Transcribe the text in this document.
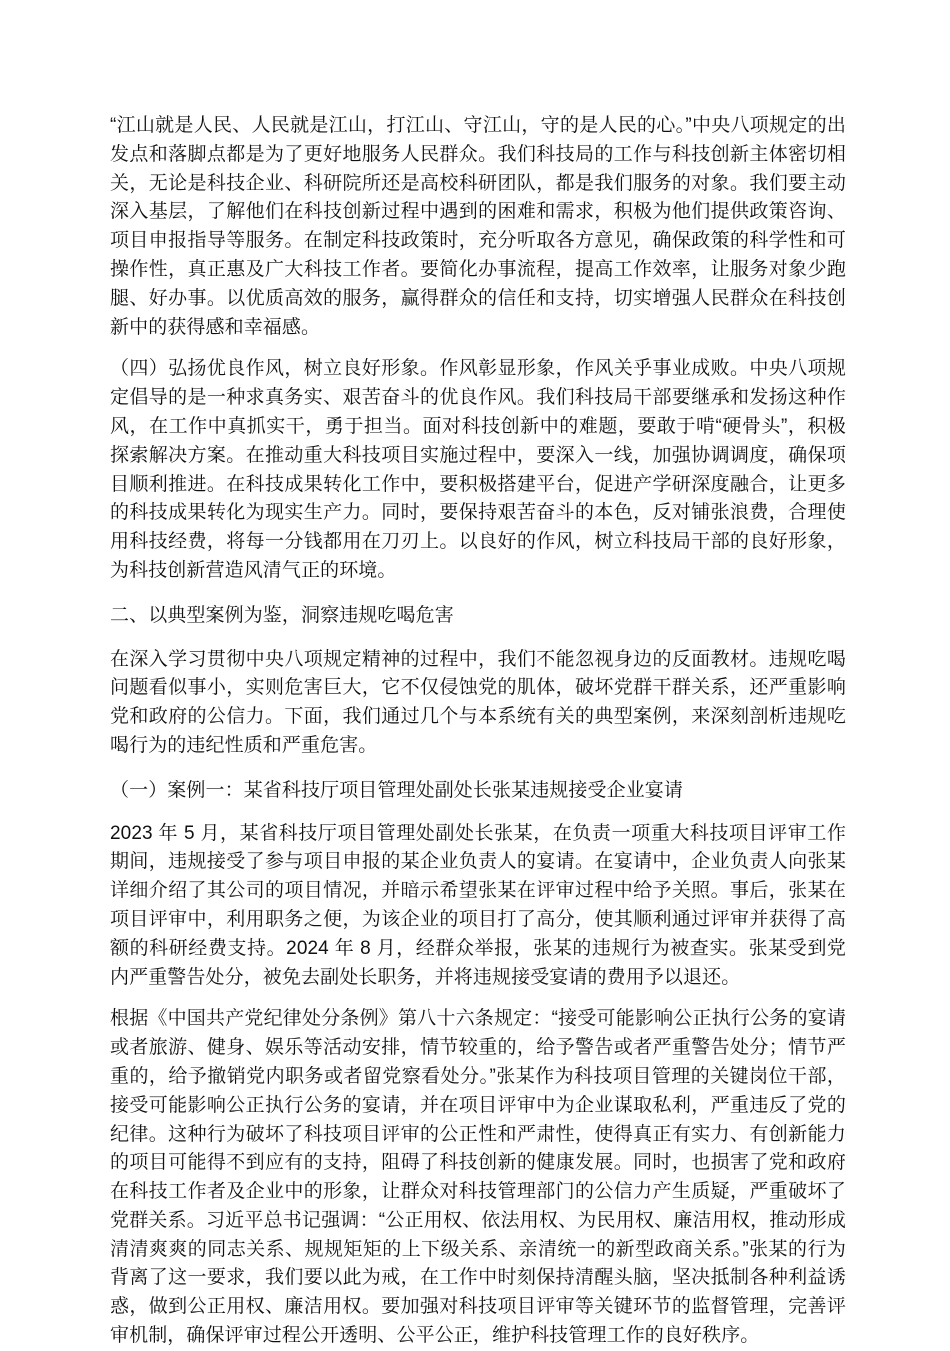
“江山就是人民、人民就是江山，打江山、守江山，守的是人民的心。”中央八项规定的出发点和落脚点都是为了更好地服务人民群众。我们科技局的工作与科技创新主体密切相关，无论是科技企业、科研院所还是高校科研团队，都是我们服务的对象。我们要主动深入基层，了解他们在科技创新过程中遇到的困难和需求，积极为他们提供政策咨询、项目申报指导等服务。在制定科技政策时，充分听取各方意见，确保政策的科学性和可操作性，真正惠及广大科技工作者。要简化办事流程，提高工作效率，让服务对象少跑腿、好办事。以优质高效的服务，赢得群众的信任和支持，切实增强人民群众在科技创新中的获得感和幸福感。

（四）弘扬优良作风，树立良好形象。作风彰显形象，作风关乎事业成败。中央八项规定倡导的是一种求真务实、艰苦奋斗的优良作风。我们科技局干部要继承和发扬这种作风，在工作中真抓实干，勇于担当。面对科技创新中的难题，要敢于啃“硬骨头”，积极探索解决方案。在推动重大科技项目实施过程中，要深入一线，加强协调调度，确保项目顺利推进。在科技成果转化工作中，要积极搭建平台，促进产学研深度融合，让更多的科技成果转化为现实生产力。同时，要保持艰苦奋斗的本色，反对铺张浪费，合理使用科技经费，将每一分钱都用在刀刃上。以良好的作风，树立科技局干部的良好形象，为科技创新营造风清气正的环境。

二、以典型案例为鉴，洞察违规吃喝危害

在深入学习贯彻中央八项规定精神的过程中，我们不能忽视身边的反面教材。违规吃喝问题看似事小，实则危害巨大，它不仅侵蚀党的肌体，破坏党群干群关系，还严重影响党和政府的公信力。下面，我们通过几个与本系统有关的典型案例，来深刻剖析违规吃喝行为的违纪性质和严重危害。

（一）案例一：某省科技厅项目管理处副处长张某违规接受企业宴请

2023 年 5 月，某省科技厅项目管理处副处长张某，在负责一项重大科技项目评审工作期间，违规接受了参与项目申报的某企业负责人的宴请。在宴请中，企业负责人向张某详细介绍了其公司的项目情况，并暗示希望张某在评审过程中给予关照。事后，张某在项目评审中，利用职务之便，为该企业的项目打了高分，使其顺利通过评审并获得了高额的科研经费支持。2024 年 8 月，经群众举报，张某的违规行为被查实。张某受到党内严重警告处分，被免去副处长职务，并将违规接受宴请的费用予以退还。

根据《中国共产党纪律处分条例》第八十六条规定：“接受可能影响公正执行公务的宴请或者旅游、健身、娱乐等活动安排，情节较重的，给予警告或者严重警告处分；情节严重的，给予撤销党内职务或者留党察看处分。”张某作为科技项目管理的关键岗位干部，接受可能影响公正执行公务的宴请，并在项目评审中为企业谋取私利，严重违反了党的纪律。这种行为破坏了科技项目评审的公正性和严肃性，使得真正有实力、有创新能力的项目可能得不到应有的支持，阻碍了科技创新的健康发展。同时，也损害了党和政府在科技工作者及企业中的形象，让群众对科技管理部门的公信力产生质疑，严重破坏了党群关系。习近平总书记强调：“公正用权、依法用权、为民用权、廉洁用权，推动形成清清爽爽的同志关系、规规矩矩的上下级关系、亲清统一的新型政商关系。”张某的行为背离了这一要求，我们要以此为戒，在工作中时刻保持清醒头脑，坚决抵制各种利益诱惑，做到公正用权、廉洁用权。要加强对科技项目评审等关键环节的监督管理，完善评审机制，确保评审过程公开透明、公平公正，维护科技管理工作的良好秩序。
